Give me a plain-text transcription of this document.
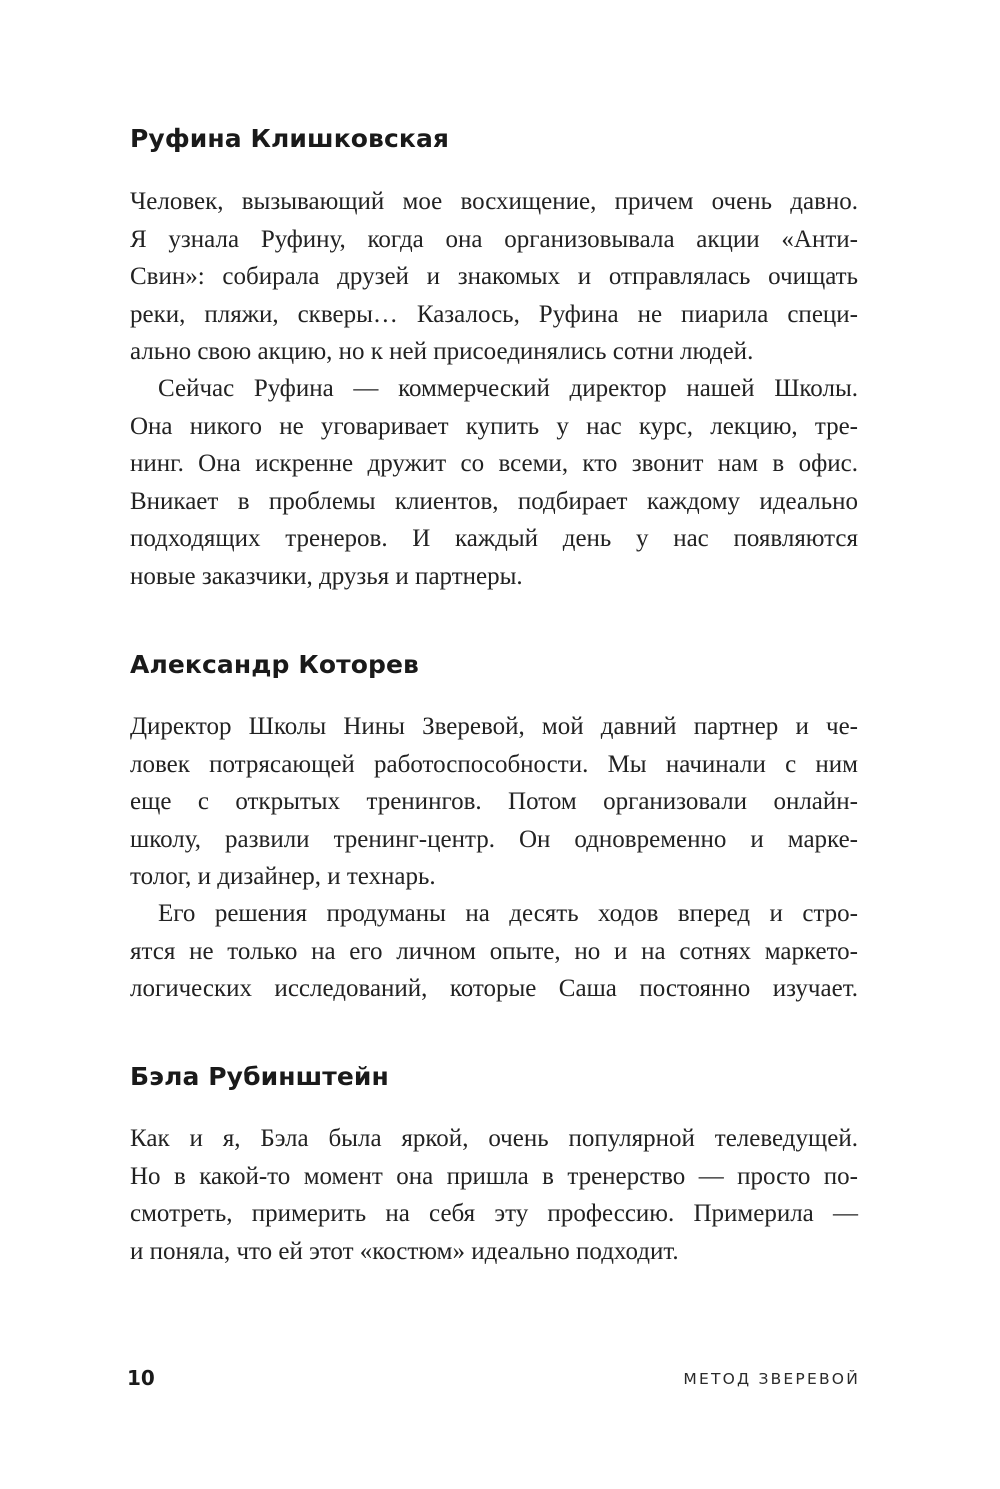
Руфина Клишковская
Человек, вызывающий мое восхищение, причем очень давно.
Я узнала Руфину, когда она организовывала акции «Анти-
Свин»: собирала друзей и знакомых и отправлялась очищать
реки, пляжи, скверы… Казалось, Руфина не пиарила специ-
ально свою акцию, но к ней присоединялись сотни людей.
Сейчас Руфина — коммерческий директор нашей Школы.
Она никого не уговаривает купить у нас курс, лекцию, тре-
нинг. Она искренне дружит со всеми, кто звонит нам в офис.
Вникает в проблемы клиентов, подбирает каждому идеально
подходящих тренеров. И каждый день у нас появляются
новые заказчики, друзья и партнеры.
Александр Которев
Директор Школы Нины Зверевой, мой давний партнер и че-
ловек потрясающей работоспособности. Мы начинали с ним
еще с открытых тренингов. Потом организовали онлайн-
школу, развили тренинг-центр. Он одновременно и марке-
толог, и дизайнер, и технарь.
Его решения продуманы на десять ходов вперед и стро-
ятся не только на его личном опыте, но и на сотнях маркето-
логических исследований, которые Саша постоянно изучает.
Бэла Рубинштейн
Как и я, Бэла была яркой, очень популярной телеведущей.
Но в какой-то момент она пришла в тренерство — просто по-
смотреть, примерить на себя эту профессию. Примерила —
и поняла, что ей этот «костюм» идеально подходит.
10	МЕТОД ЗВЕРЕВОЙ
